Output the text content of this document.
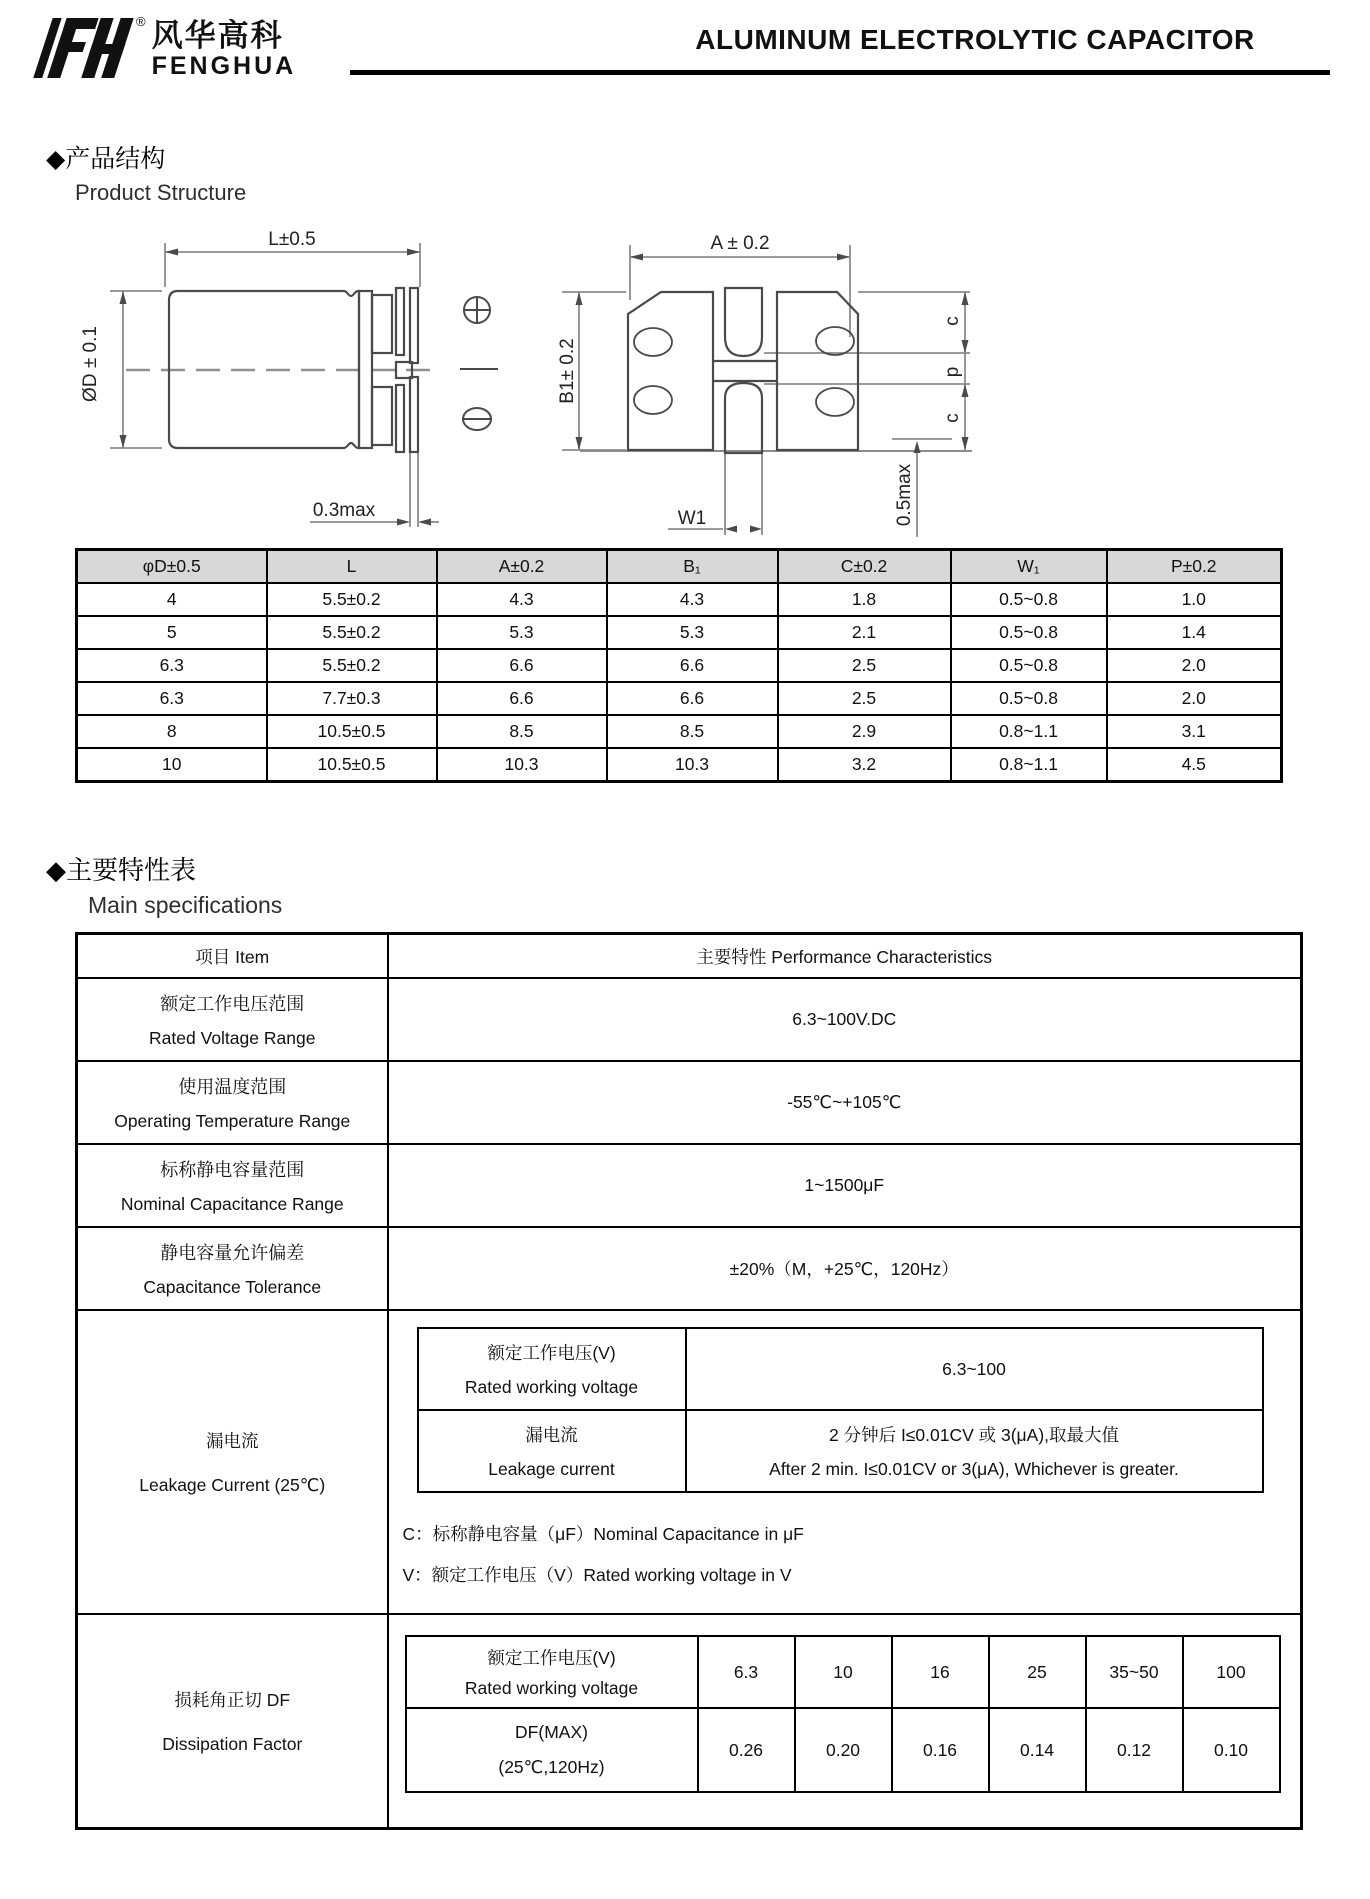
® 风华高科
FENGHUA
ALUMINUM ELECTROLYTIC CAPACITOR
◆产品结构
Product Structure
L±0.5
ØD ± 0.1
0.3max
A ± 0.2
B1± 0.2
c
p
c
W1	0.5max
φD±0.5	L	A±0.2	B₁	C±0.2	W₁	P±0.2
4	5.5±0.2	4.3	4.3	1.8	0.5~0.8	1.0
5	5.5±0.2	5.3	5.3	2.1	0.5~0.8	1.4
6.3	5.5±0.2	6.6	6.6	2.5	0.5~0.8	2.0
6.3	7.7±0.3	6.6	6.6	2.5	0.5~0.8	2.0
8	10.5±0.5	8.5	8.5	2.9	0.8~1.1	3.1
10	10.5±0.5	10.3	10.3	3.2	0.8~1.1	4.5
◆主要特性表
Main specifications
项目 Item	主要特性 Performance Characteristics

额定工作电压范围
Rated Voltage Range
	6.3~100V.DC

使用温度范围
Operating Temperature Range
	-55℃~+105℃

标称静电容量范围
Nominal Capacitance Range
	1~1500μF

静电容量允许偏差
Capacitance Tolerance
	±20%（M，+25℃，120Hz）

漏电流
Leakage Current (25℃)

额定工作电压(V)
Rated working voltage
	6.3~100

漏电流
Leakage current

2 分钟后 I≤0.01CV 或 3(μA),取最大值
After 2 min. I≤0.01CV or 3(μA), Whichever is greater.
C：标称静电容量（μF）Nominal Capacitance in μF
V：额定工作电压（V）Rated working voltage in V

损耗角正切 DF
Dissipation Factor

额定工作电压(V)
Rated working voltage
	6.3	10	16	25	35~50	100

DF(MAX)
(25℃,120Hz)
	0.26	0.20	0.16	0.14	0.12	0.10
